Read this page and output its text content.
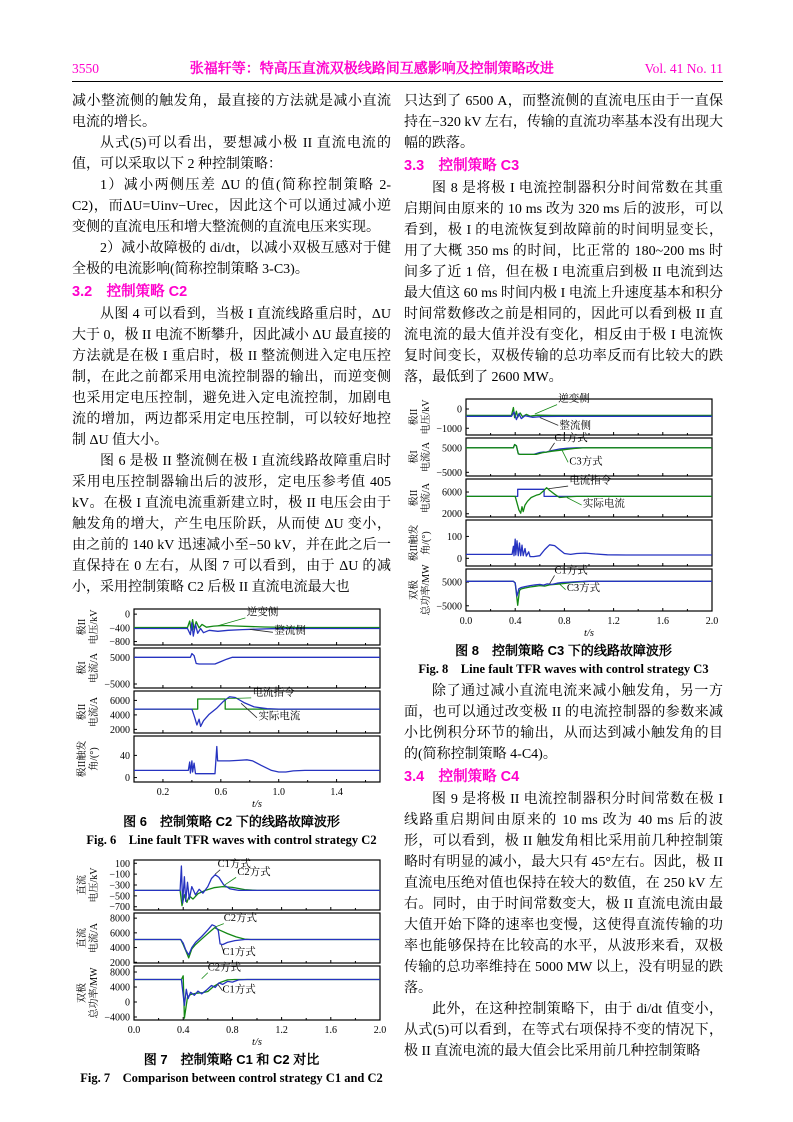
3550	张福轩等：特高压直流双极线路间互感影响及控制策略改进	Vol. 41 No. 11

减小整流侧的触发角，最直接的方法就是减小直流电流的增长。

从式(5)可以看出，要想减小极 II 直流电流的值，可以采取以下 2 种控制策略：

1）减小两侧压差 ΔU 的值(简称控制策略 2-C2)，而ΔU=Uinv−Urec，因此这个可以通过减小逆变侧的直流电压和增大整流侧的直流电压来实现。

2）减小故障极的 di/dt，以减小双极互感对于健全极的电流影响(简称控制策略 3-C3)。

3.2　控制策略 C2

从图 4 可以看到，当极 I 直流线路重启时，ΔU 大于 0，极 II 电流不断攀升，因此减小 ΔU 最直接的方法就是在极 I 重启时，极 II 整流侧进入定电压控制，在此之前都采用电流控制器的输出，而逆变侧也采用定电压控制，避免进入定电流控制，加剧电流的增加，两边都采用定电压控制，可以较好地控制 ΔU 值大小。

图 6 是极 II 整流侧在极 I 直流线路故障重启时采用电压控制器输出后的波形，定电压参考值 405 kV。在极 I 直流电流重新建立时，极 II 电压会由于触发角的增大，产生电压阶跃，从而使 ΔU 变小，由之前的 140 kV 迅速减小至−50 kV，并在此之后一直保持在 0 左右，从图 7 可以看到，由于 ΔU 的减小，采用控制策略 C2 后极 II 直流电流最大也

0
−400
−800
极II 电压/kV	逆变侧
整流侧
5000
−5000
极I 电流/A
6000
4000
2000
极II 电流/A
电流指令
实际电流
40
0
极II触发 角/(°)
0.2	0.6	1.0	1.4
t/s
图 6　控制策略 C2 下的线路故障波形
Fig. 6　Line fault TFR waves with control strategy C2
100
−100
−300
−500
−700
直流 电压/kV
C1方式
C2方式
8000
6000
4000
2000
直流 电流/A
C2方式
C1方式
8000
4000
0
−4000
双极 总功率/MW	C2方式
C1方式
0.0	0.4	0.8	1.2	1.6	2.0
t/s
图 7　控制策略 C1 和 C2 对比
Fig. 7　Comparison between control strategy C1 and C2

只达到了 6500 A，而整流侧的直流电压由于一直保持在−320 kV 左右，传输的直流功率基本没有出现大幅的跌落。

3.3　控制策略 C3

图 8 是将极 I 电流控制器积分时间常数在其重启期间由原来的 10 ms 改为 320 ms 后的波形，可以看到，极 I 的电流恢复到故障前的时间明显变长，用了大概 350 ms 的时间，比正常的 180~200 ms 时间多了近 1 倍，但在极 I 电流重启到极 II 电流到达最大值这 60 ms 时间内极 I 电流上升速度基本和积分时间常数修改之前是相同的，因此可以看到极 II 直流电流的最大值并没有变化，相反由于极 I 电流恢复时间变长，双极传输的总功率反而有比较大的跌落，最低到了 2600 MW。

0
−1000
极II 电压/kV
逆变侧
整流侧
5000
−5000
极I 电流/A
C1方式
C3方式
6000
2000
极II 电流/A
电流指令
实际电流
100
0
极II触发 角/(°)
5000
−5000
双极 总功率/MW	C1方式
C3方式
0.0	0.4	0.8	1.2	1.6	2.0
t/s
图 8　控制策略 C3 下的线路故障波形
Fig. 8　Line fault TFR waves with control strategy C3

除了通过减小直流电流来减小触发角，另一方面，也可以通过改变极 II 的电流控制器的参数来减小比例积分环节的输出，从而达到减小触发角的目的(简称控制策略 4-C4)。

3.4　控制策略 C4

图 9 是将极 II 电流控制器积分时间常数在极 I 线路重启期间由原来的 10 ms 改为 40 ms 后的波形，可以看到，极 II 触发角相比采用前几种控制策略时有明显的减小，最大只有 45°左右。因此，极 II 直流电压绝对值也保持在较大的数值，在 250 kV 左右。同时，由于时间常数变大，极 II 直流电流由最大值开始下降的速率也变慢，这使得直流传输的功率也能够保持在比较高的水平，从波形来看，双极传输的总功率维持在 5000 MW 以上，没有明显的跌落。

此外，在这种控制策略下，由于 di/dt 值变小，从式(5)可以看到，在等式右项保持不变的情况下，极 II 直流电流的最大值会比采用前几种控制策略
